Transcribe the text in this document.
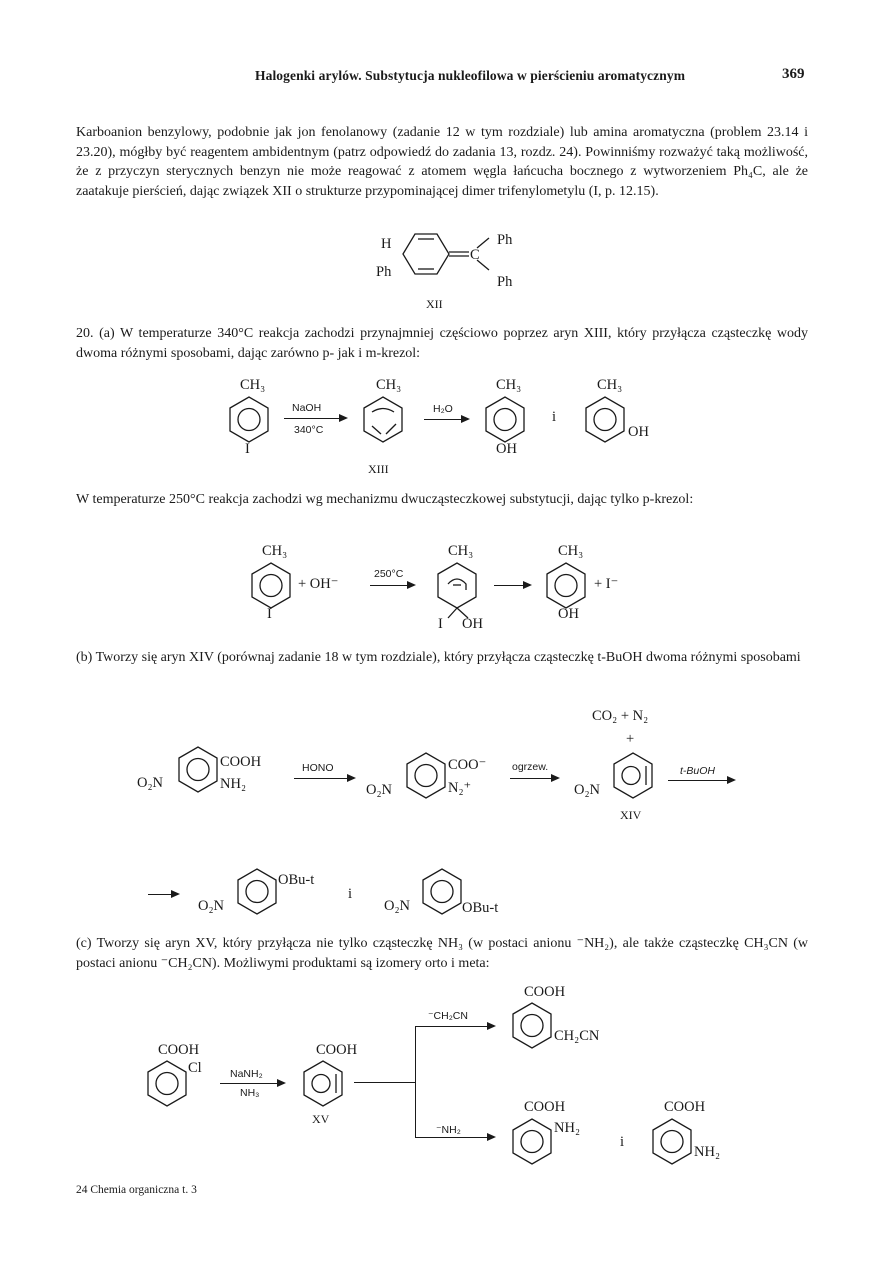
Halogenki arylów. Substytucja nukleofilowa w pierścieniu aromatycznym	369
Karboanion benzylowy, podobnie jak jon fenolanowy (zadanie 12 w tym rozdziale) lub amina aromatyczna (problem 23.14 i 23.20), mógłby być reagentem ambidentnym (patrz odpowiedź do zadania 13, rozdz. 24). Powinniśmy rozważyć taką możliwość, że z przyczyn sterycznych benzyn nie może reagować z atomem węgla łańcucha bocznego z wytworzeniem Ph₄C, ale że zaatakuje pierścień, dając związek XII o strukturze przypominającej dimer trifenylometylu (I, p. 12.15).
H
Ph
C
Ph
Ph
XII
20. (a) W temperaturze 340°C reakcja zachodzi przynajmniej częściowo poprzez aryn XIII, który przyłącza cząsteczkę wody dwoma różnymi sposobami, dając zarówno p- jak i m-krezol:
CH₃
I
NaOH
340°C
CH₃
XIII
H₂O
CH₃
OH
i
CH₃
OH
W temperaturze 250°C reakcja zachodzi wg mechanizmu dwucząsteczkowej substytucji, dając tylko p-krezol:
CH₃
I
+ OH⁻
250°C
CH₃
I OH
CH₃
OH
+ I⁻
(b) Tworzy się aryn XIV (porównaj zadanie 18 w tym rozdziale), który przyłącza cząsteczkę t-BuOH dwoma różnymi sposobami
O₂N
COOH
NH₂
HONO
O₂N
COO⁻
N₂⁺
ogrzew.
CO₂ + N₂
+
O₂N
XIV
t-BuOH
O₂N
OBu-t
i
O₂N	OBu-t
(c) Tworzy się aryn XV, który przyłącza nie tylko cząsteczkę NH₃ (w postaci anionu ⁻NH₂), ale także cząsteczkę CH₃CN (w postaci anionu ⁻CH₂CN). Możliwymi produktami są izomery orto i meta:
COOH
Cl	NaNH₂
NH₃
COOH
XV
⁻CH₂CN
COOH
CH₂CN
⁻NH₂
COOH
NH₂
i
COOH
NH₂
24 Chemia organiczna t. 3
